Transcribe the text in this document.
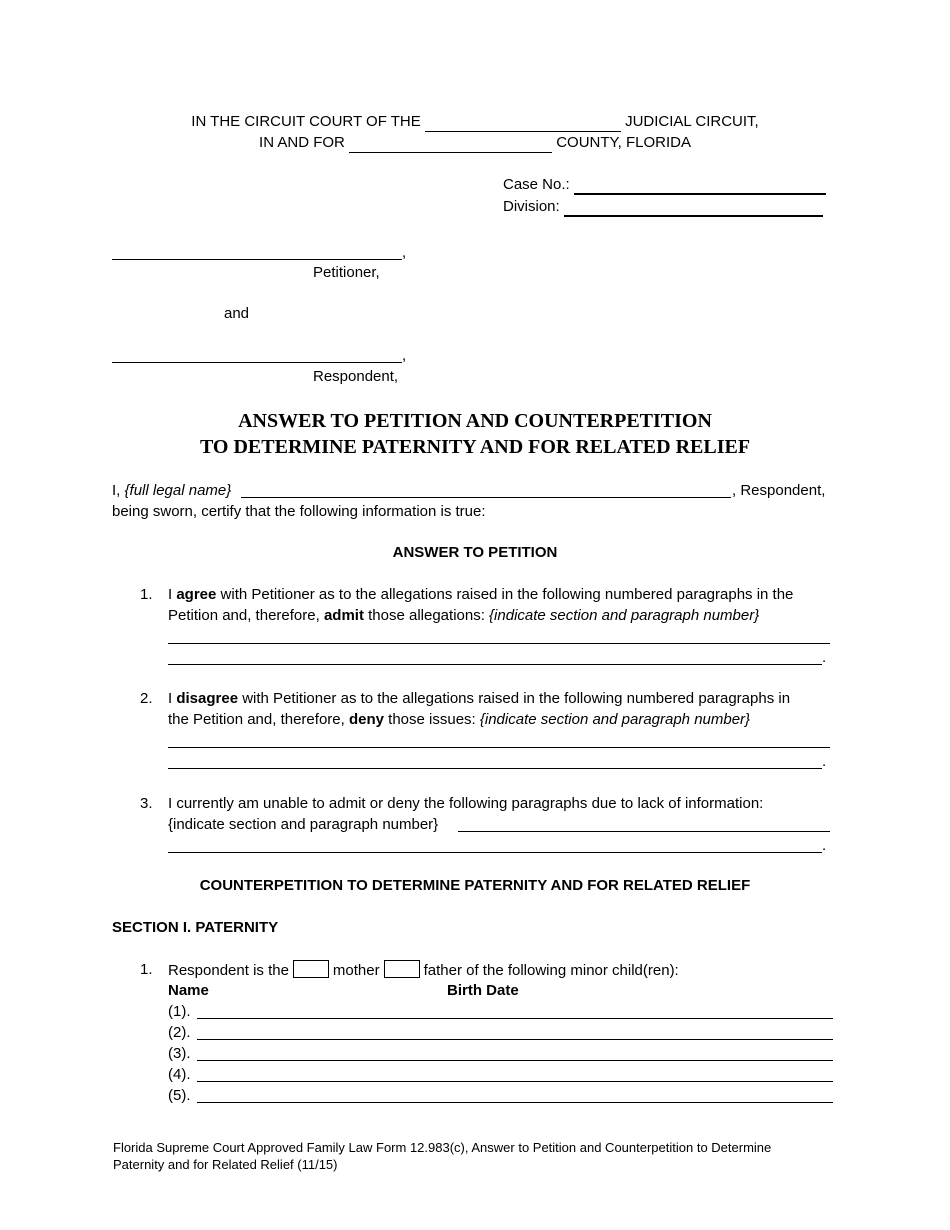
IN THE CIRCUIT COURT OF THE	JUDICIAL CIRCUIT,
IN AND FOR	COUNTY, FLORIDA
Case No.:
Division:
,
Petitioner,
and
,
Respondent,
ANSWER TO PETITION AND COUNTERPETITION
TO DETERMINE PATERNITY AND FOR RELATED RELIEF
I, {full legal name}	, Respondent,
being sworn, certify that the following information is true:
ANSWER TO PETITION
1. I agree with Petitioner as to the allegations raised in the following numbered paragraphs in the
Petition and, therefore, admit those allegations: {indicate section and paragraph number}
.
2. I disagree with Petitioner as to the allegations raised in the following numbered paragraphs in
the Petition and, therefore, deny those issues: {indicate section and paragraph number}
.
3. I currently am unable to admit or deny the following paragraphs due to lack of information:
{indicate section and paragraph number}
.
COUNTERPETITION TO DETERMINE PATERNITY AND FOR RELATED RELIEF
SECTION I. PATERNITY
1. Respondent is the	mother	father of the following minor child(ren):
Name	Birth Date
(1).
(2).
(3).
(4).
(5).
Florida Supreme Court Approved Family Law Form 12.983(c), Answer to Petition and Counterpetition to Determine
Paternity and for Related Relief (11/15)
